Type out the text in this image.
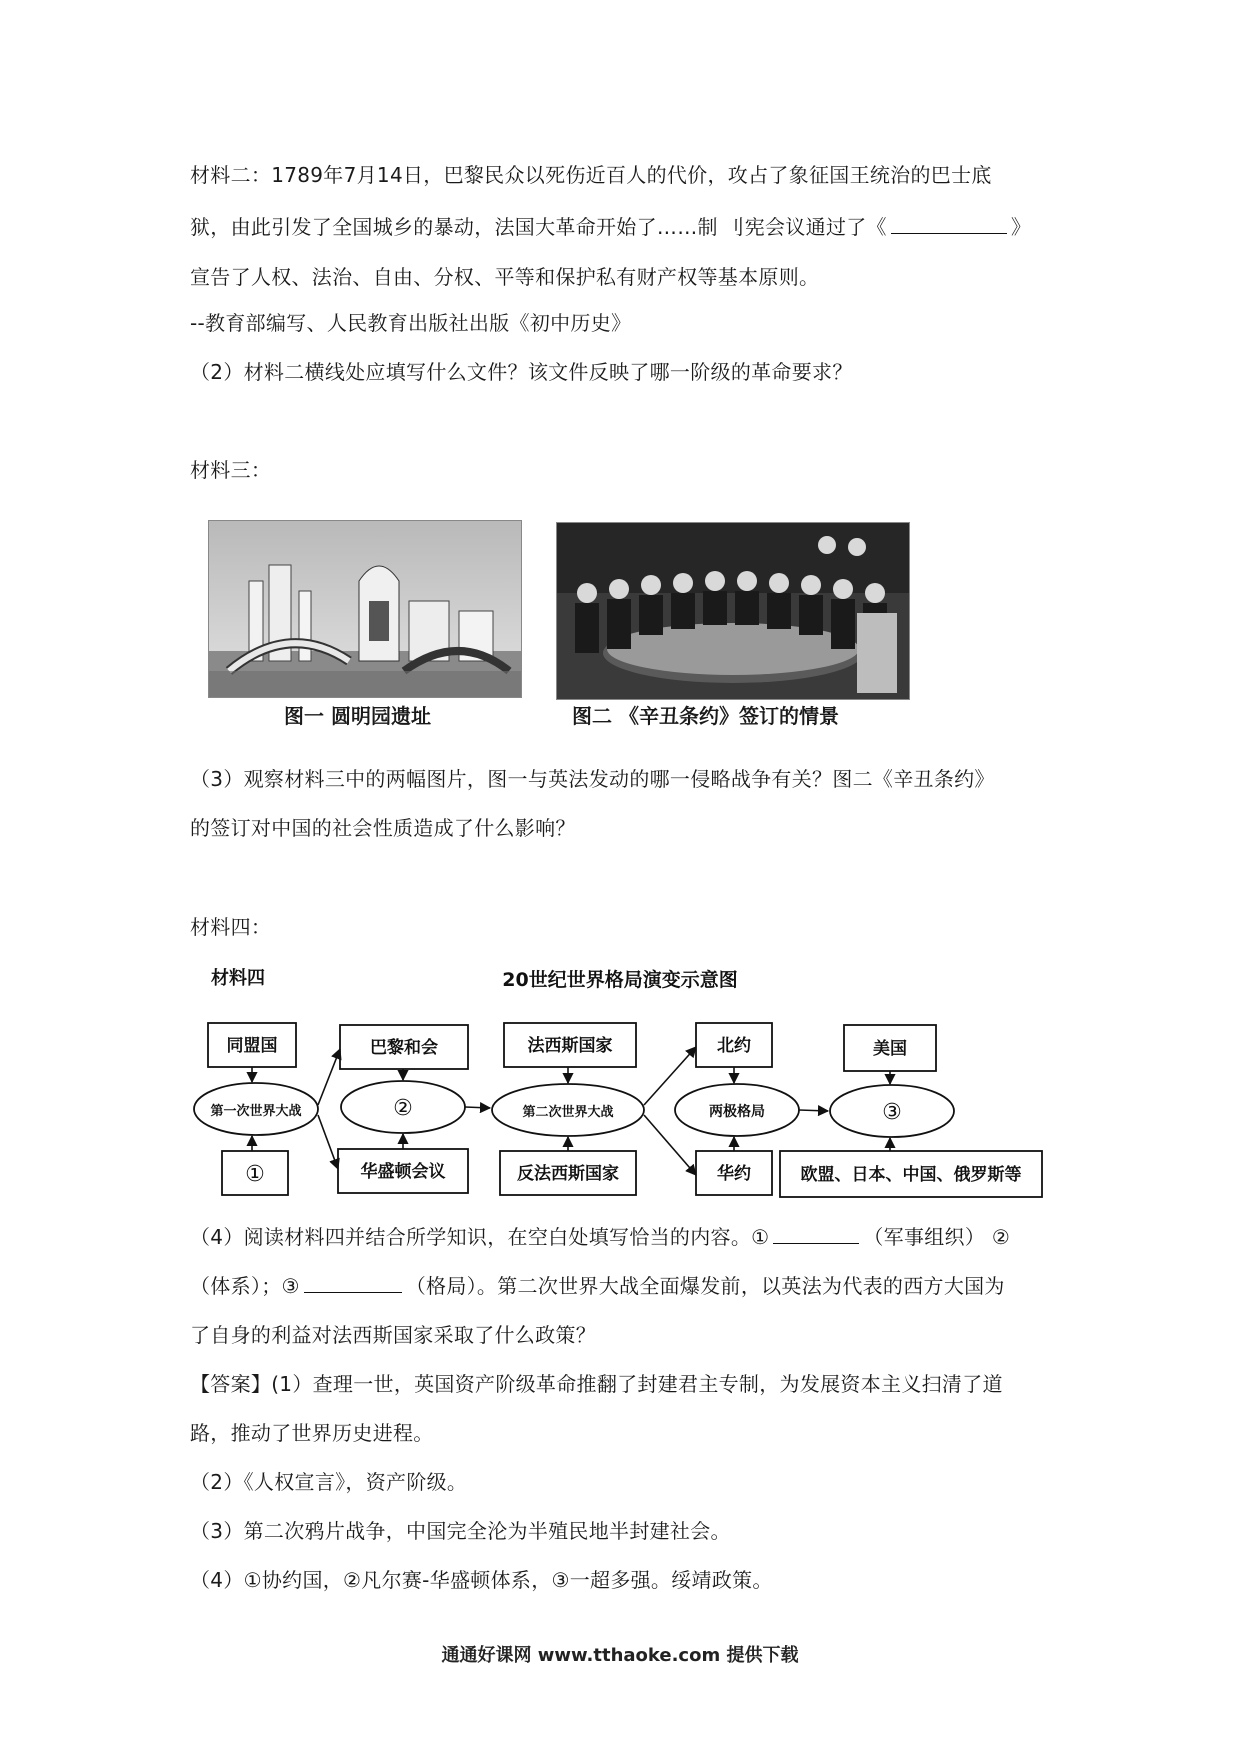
材料二：1789年7月14日，巴黎民众以死伤近百人的代价，攻占了象征国王统治的巴士底
狱，由此引发了全国城乡的暴动，法国大革命开始了……制 刂宪会议通过了《	》
宣告了人权、法治、自由、分权、平等和保护私有财产权等基本原则。
--教育部编写、人民教育出版社出版《初中历史》
（2）材料二横线处应填写什么文件？该文件反映了哪一阶级的革命要求？
材料三：
图一 圆明园遗址	图二 《辛丑条约》签订的情景
（3）观察材料三中的两幅图片，图一与英法发动的哪一侵略战争有关？图二《辛丑条约》
的签订对中国的社会性质造成了什么影响？
材料四：
材料四	20世纪世界格局演变示意图
同盟国
第一次世界大战
①
巴黎和会
②
华盛顿会议
法西斯国家
第二次世界大战
反法西斯国家
北约
两极格局
华约
美国
③
欧盟、日本、中国、俄罗斯等
（4）阅读材料四并结合所学知识，在空白处填写恰当的内容。①	（军事组织） ②
（体系）；③	（格局）。第二次世界大战全面爆发前，以英法为代表的西方大国为
了自身的利益对法西斯国家采取了什么政策？
【答案】(1）查理一世，英国资产阶级革命推翻了封建君主专制，为发展资本主义扫清了道
路，推动了世界历史进程。
（2）《人权宣言》，资产阶级。
（3）第二次鸦片战争，中国完全沦为半殖民地半封建社会。
（4）①协约国，②凡尔赛-华盛顿体系，③一超多强。绥靖政策。
通通好课网 www.tthaoke.com 提供下载
